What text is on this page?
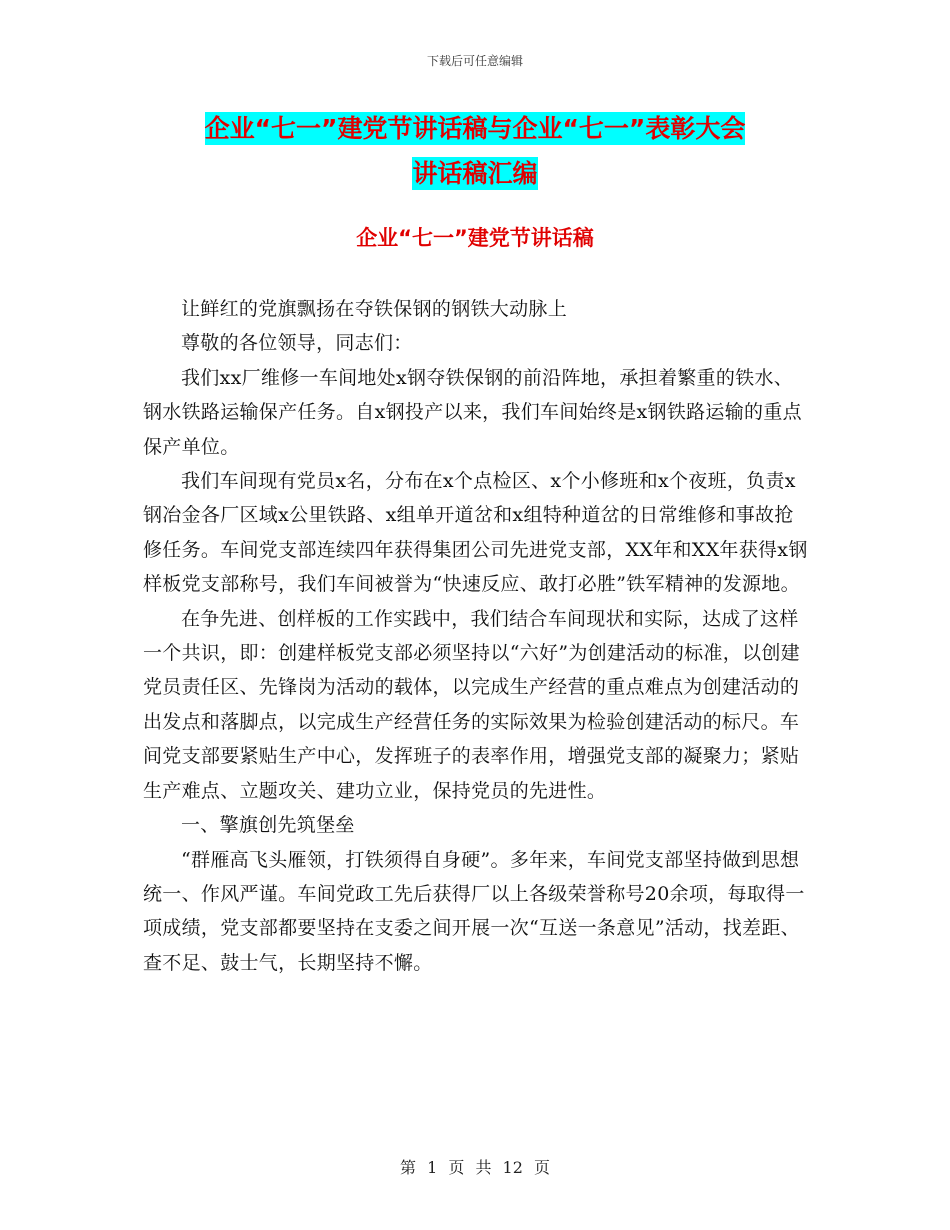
下载后可任意编辑
企业“七一”建党节讲话稿与企业“七一”表彰大会
讲话稿汇编
企业“七一”建党节讲话稿

让鲜红的党旗飘扬在夺铁保钢的钢铁大动脉上

尊敬的各位领导，同志们：

我们xx厂维修一车间地处x钢夺铁保钢的前沿阵地，承担着繁重的铁水、钢水铁路运输保产任务。自x钢投产以来，我们车间始终是x钢铁路运输的重点保产单位。

我们车间现有党员x名，分布在x个点检区、x个小修班和x个夜班，负责x钢冶金各厂区域x公里铁路、x组单开道岔和x组特种道岔的日常维修和事故抢修任务。车间党支部连续四年获得集团公司先进党支部，XX年和XX年获得x钢样板党支部称号，我们车间被誉为“快速反应、敢打必胜”铁军精神的发源地。

在争先进、创样板的工作实践中，我们结合车间现状和实际，达成了这样一个共识，即：创建样板党支部必须坚持以“六好”为创建活动的标准，以创建党员责任区、先锋岗为活动的载体，以完成生产经营的重点难点为创建活动的出发点和落脚点，以完成生产经营任务的实际效果为检验创建活动的标尺。车间党支部要紧贴生产中心，发挥班子的表率作用，增强党支部的凝聚力；紧贴生产难点、立题攻关、建功立业，保持党员的先进性。

一、擎旗创先筑堡垒

“群雁高飞头雁领，打铁须得自身硬”。多年来，车间党支部坚持做到思想统一、作风严谨。车间党政工先后获得厂以上各级荣誉称号20余项，每取得一项成绩，党支部都要坚持在支委之间开展一次“互送一条意见”活动，找差距、查不足、鼓士气，长期坚持不懈。

第 1 页 共 12 页
